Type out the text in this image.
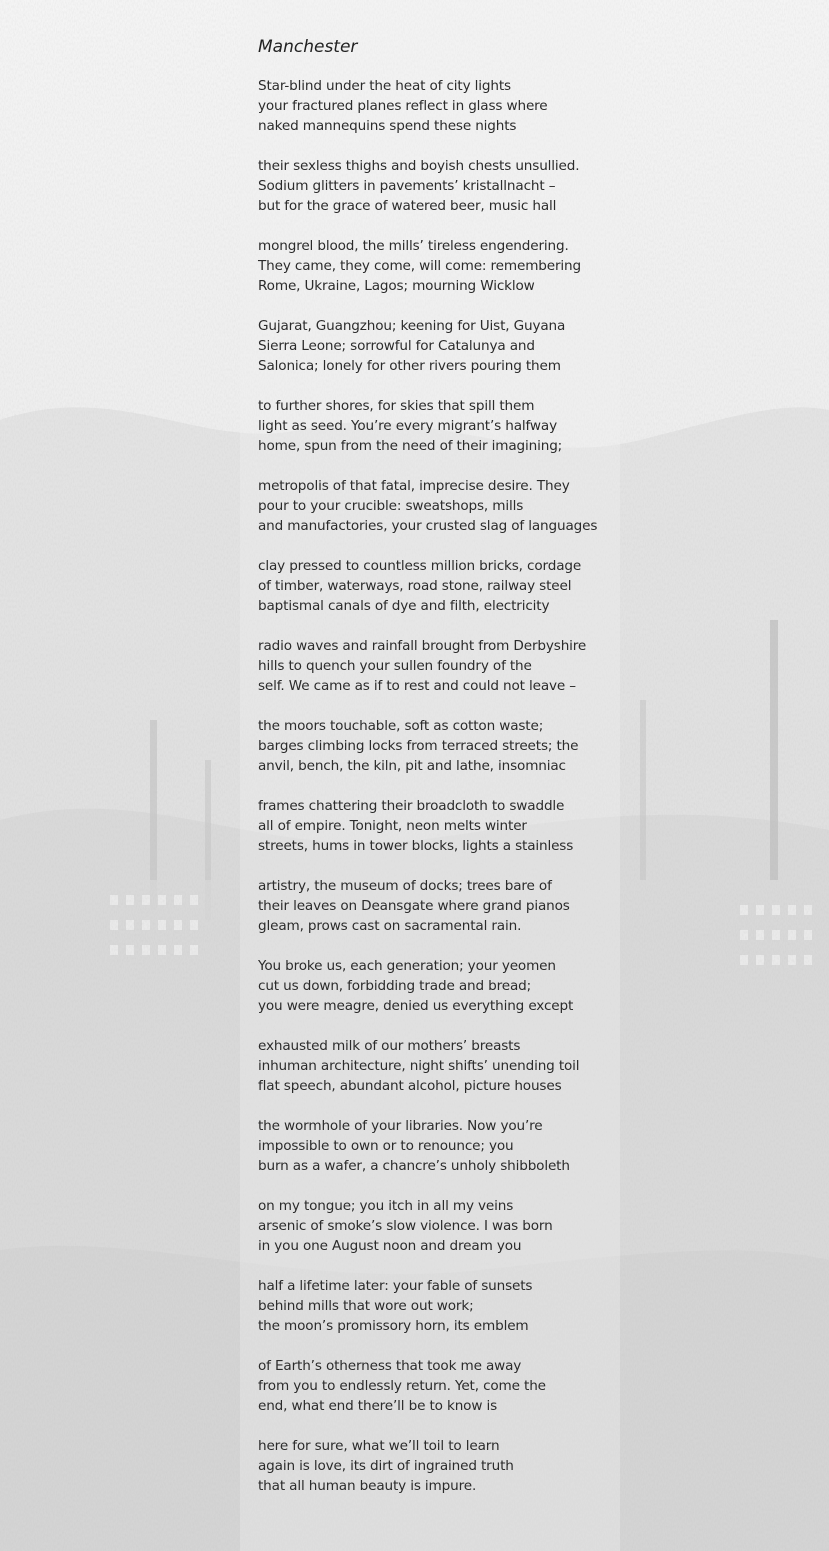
Manchester
Star-blind under the heat of city lights
your fractured planes reflect in glass where
naked mannequins spend these nights
their sexless thighs and boyish chests unsullied.
Sodium glitters in pavements’ kristallnacht –
but for the grace of watered beer, music hall
mongrel blood, the mills’ tireless engendering.
They came, they come, will come: remembering
Rome, Ukraine, Lagos; mourning Wicklow
Gujarat, Guangzhou; keening for Uist, Guyana
Sierra Leone; sorrowful for Catalunya and
Salonica; lonely for other rivers pouring them
to further shores, for skies that spill them
light as seed. You’re every migrant’s halfway
home, spun from the need of their imagining;
metropolis of that fatal, imprecise desire. They
pour to your crucible: sweatshops, mills
and manufactories, your crusted slag of languages
clay pressed to countless million bricks, cordage
of timber, waterways, road stone, railway steel
baptismal canals of dye and filth, electricity
radio waves and rainfall brought from Derbyshire
hills to quench your sullen foundry of the
self. We came as if to rest and could not leave –
the moors touchable, soft as cotton waste;
barges climbing locks from terraced streets; the
anvil, bench, the kiln, pit and lathe, insomniac
frames chattering their broadcloth to swaddle
all of empire. Tonight, neon melts winter
streets, hums in tower blocks, lights a stainless
artistry, the museum of docks; trees bare of
their leaves on Deansgate where grand pianos
gleam, prows cast on sacramental rain.
You broke us, each generation; your yeomen
cut us down, forbidding trade and bread;
you were meagre, denied us everything except
exhausted milk of our mothers’ breasts
inhuman architecture, night shifts’ unending toil
flat speech, abundant alcohol, picture houses
the wormhole of your libraries. Now you’re
impossible to own or to renounce; you
burn as a wafer, a chancre’s unholy shibboleth
on my tongue; you itch in all my veins
arsenic of smoke’s slow violence. I was born
in you one August noon and dream you
half a lifetime later: your fable of sunsets
behind mills that wore out work;
the moon’s promissory horn, its emblem
of Earth’s otherness that took me away
from you to endlessly return. Yet, come the
end, what end there’ll be to know is
here for sure, what we’ll toil to learn
again is love, its dirt of ingrained truth
that all human beauty is impure.
